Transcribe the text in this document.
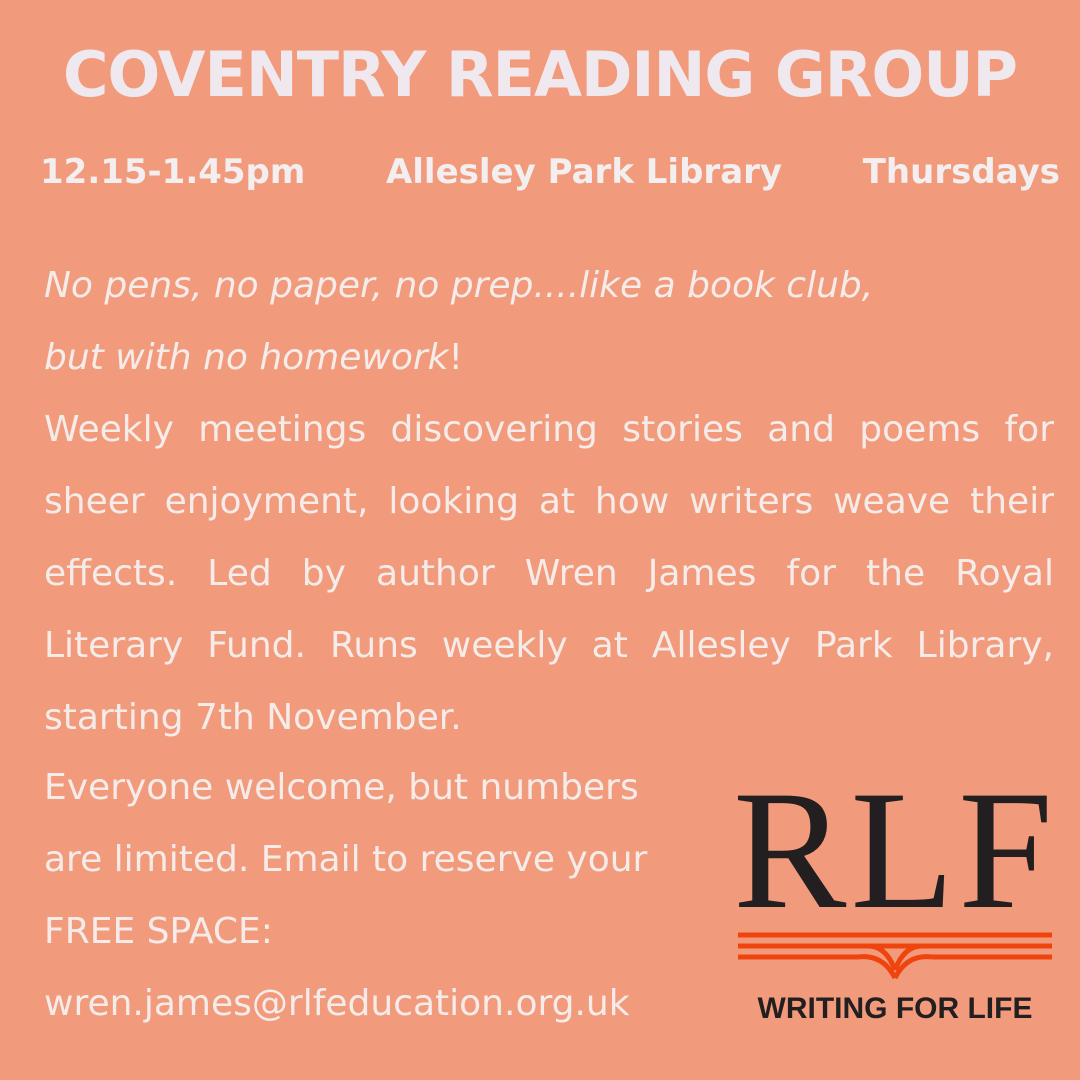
COVENTRY READING GROUP
12.15-1.45pm Allesley Park Library Thursdays
No pens, no paper, no prep....like a book club,
but with no homework!
Weekly meetings discovering stories and poems for sheer enjoyment, looking at how writers weave their effects. Led by author Wren James for the Royal Literary Fund. Runs weekly at Allesley Park Library, starting 7th November.
Everyone welcome, but numbers
are limited. Email to reserve your
FREE SPACE:
wren.james@rlfeducation.org.uk
RLF
WRITING FOR LIFE
